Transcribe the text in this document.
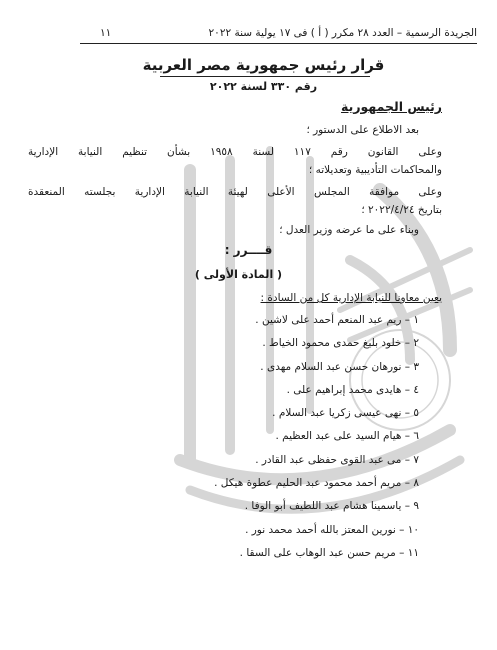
الجريدة الرسمية – العدد ٢٨ مكرر ( أ ) فى ١٧ يولية سنة ٢٠٢٢
١١
قرار رئيس جمهورية مصر العربية
رقم ٣٣٠ لسنة ٢٠٢٢
رئيس الجمهورية
بعد الاطلاع على الدستور ؛
وعلى القانون رقم ١١٧ لسنة ١٩٥٨ بشأن تنظيم النيابة الإدارية
والمحاكمات التأديبية وتعديلاته ؛
وعلى موافقة المجلس الأعلى لهيئة النيابة الإدارية بجلسته المنعقدة
بتاريخ ٢٠٢٢/٤/٢٤ ؛
وبناء على ما عرضه وزير العدل ؛
قــــرر :
( المادة الأولى )
يعين معاونا للنيابة الإدارية كل من السادة :
١ – ريم عبد المنعم أحمد على لاشين .
٢ – خلود بليغ حمدى محمود الخياط .
٣ – نورهان حسن عبد السلام مهدى .
٤ – هايدى محمد إبراهيم على .
٥ – نهى عيسى زكريا عبد السلام .
٦ – هيام السيد على عبد العظيم .
٧ – مى عبد القوى حفظى عبد القادر .
٨ – مريم أحمد محمود عبد الحليم عطوة هيكل .
٩ – ياسمينا هشام عبد اللطيف أبو الوفا .
١٠ – نورين المعتز بالله أحمد محمد نور .
١١ – مريم حسن عبد الوهاب على السقا .
